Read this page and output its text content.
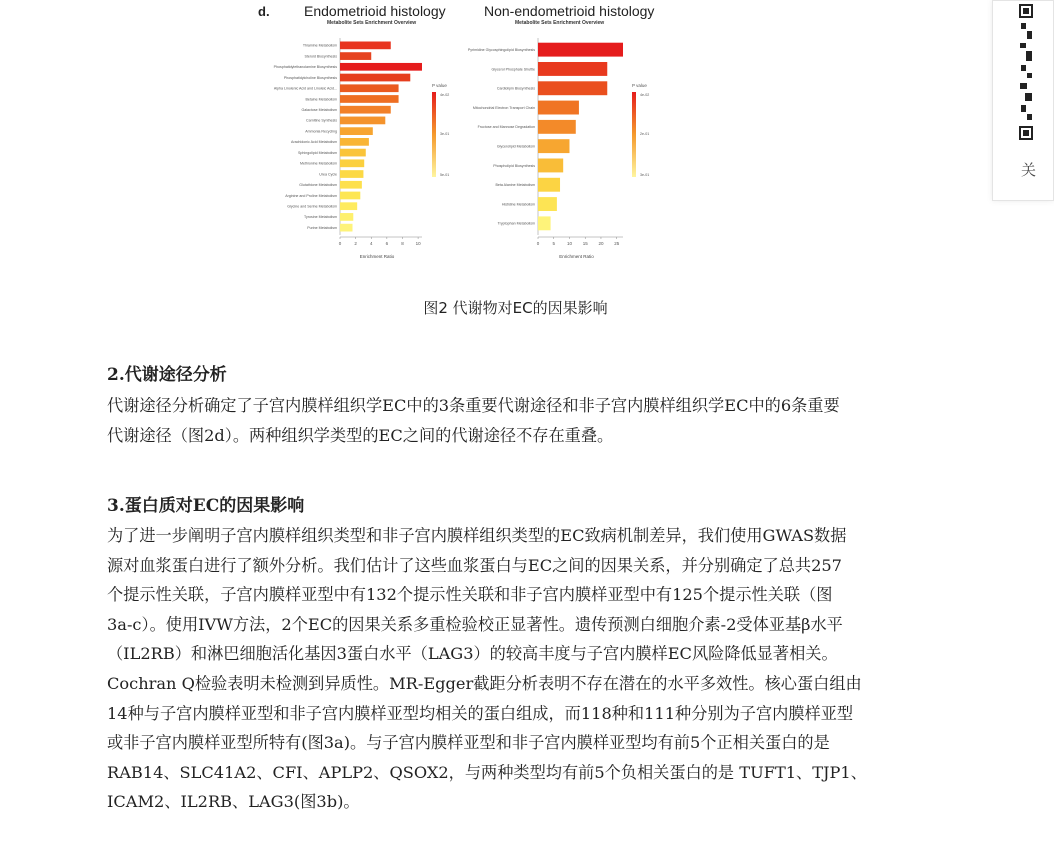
d. Endometrioid histology
Metabolite Sets Enrichment Overview
Non-endometrioid histology
Metabolite Sets Enrichment Overview
Thiamine Metabolism
Steroid Biosynthesis
Phosphatidylethanolamine Biosynthesis
Phosphatidylcholine Biosynthesis
Alpha Linolenic Acid and Linoleic Acid...
Betaine Metabolism
Galactose Metabolism
Carnitine Synthesis
Ammonia Recycling
Arachidonic Acid Metabolism
Sphingolipid Metabolism
Methionine Metabolism
Urea Cycle
Glutathione Metabolism
Arginine and Proline Metabolism
Glycine and Serine Metabolism
Tyrosine Metabolism
Purine Metabolism
0	2	4	6	8	10
Enrichment Ratio
P value
4e-02
3e-01
5e-01
Pyrimidine Glycosphingolipid Biosynthesis
Glycerol Phosphate Shuttle
Cardiolipin Biosynthesis
Mitochondrial Electron Transport Chain
Fructose and Mannose Degradation
Glycerolipid Metabolism
Phospholipid Biosynthesis
Beta Alanine Metabolism
Histidine Metabolism
Tryptophan Metabolism
0	5	10 15 20 25
Enrichment Ratio
P value
4e-02
2e-01
3e-01
图2 代谢物对EC的因果影响
2.代谢途径分析
代谢途径分析确定了子宫内膜样组织学EC中的3条重要代谢途径和非子宫内膜样组织学EC中的6条重要
代谢途径（图2d）。两种组织学类型的EC之间的代谢途径不存在重叠。
3.蛋白质对EC的因果影响
为了进一步阐明子宫内膜样组织类型和非子宫内膜样组织类型的EC致病机制差异，我们使用GWAS数据
源对血浆蛋白进行了额外分析。我们估计了这些血浆蛋白与EC之间的因果关系，并分别确定了总共257
个提示性关联，子宫内膜样亚型中有132个提示性关联和非子宫内膜样亚型中有125个提示性关联（图
3a-c）。使用IVW方法，2个EC的因果关系多重检验校正显著性。遗传预测白细胞介素-2受体亚基β水平
（IL2RB）和淋巴细胞活化基因3蛋白水平（LAG3）的较高丰度与子宫内膜样EC风险降低显著相关。
Cochran Q检验表明未检测到异质性。MR-Egger截距分析表明不存在潜在的水平多效性。核心蛋白组由
14种与子宫内膜样亚型和非子宫内膜样亚型均相关的蛋白组成，而118种和111种分别为子宫内膜样亚型
或非子宫内膜样亚型所特有(图3a)。与子宫内膜样亚型和非子宫内膜样亚型均有前5个正相关蛋白的是
RAB14、SLC41A2、CFI、APLP2、QSOX2，与两种类型均有前5个负相关蛋白的是 TUFT1、TJP1、
ICAM2、IL2RB、LAG3(图3b)。
关
